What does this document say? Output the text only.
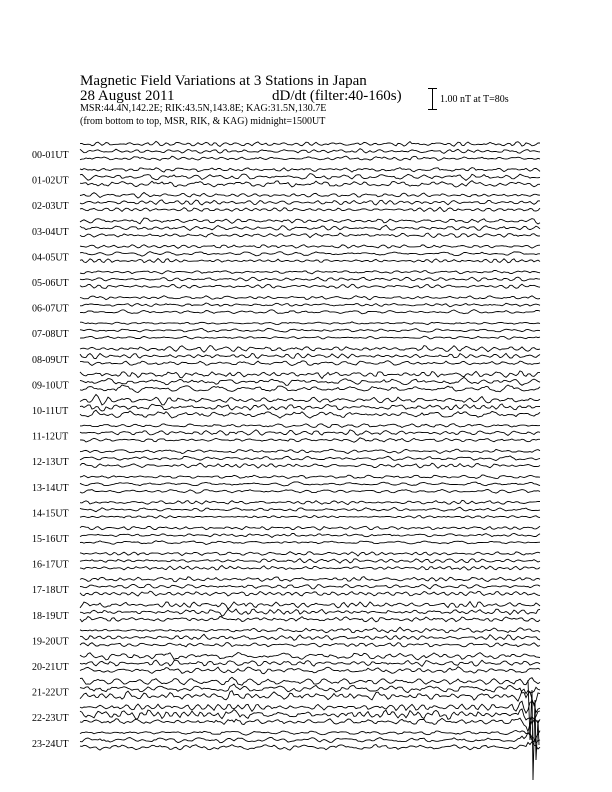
Magnetic Field Variations at 3 Stations in Japan
28 August 2011	dD/dt (filter:40-160s)
MSR:44.4N,142.2E; RIK:43.5N,143.8E; KAG:31.5N,130.7E
(from bottom to top, MSR, RIK, & KAG) midnight=1500UT
1.00 nT at T=80s
00-01UT
01-02UT
02-03UT
03-04UT
04-05UT
05-06UT
06-07UT
07-08UT
08-09UT
09-10UT
10-11UT
11-12UT
12-13UT
13-14UT
14-15UT
15-16UT
16-17UT
17-18UT
18-19UT
19-20UT
20-21UT
21-22UT
22-23UT
23-24UT
